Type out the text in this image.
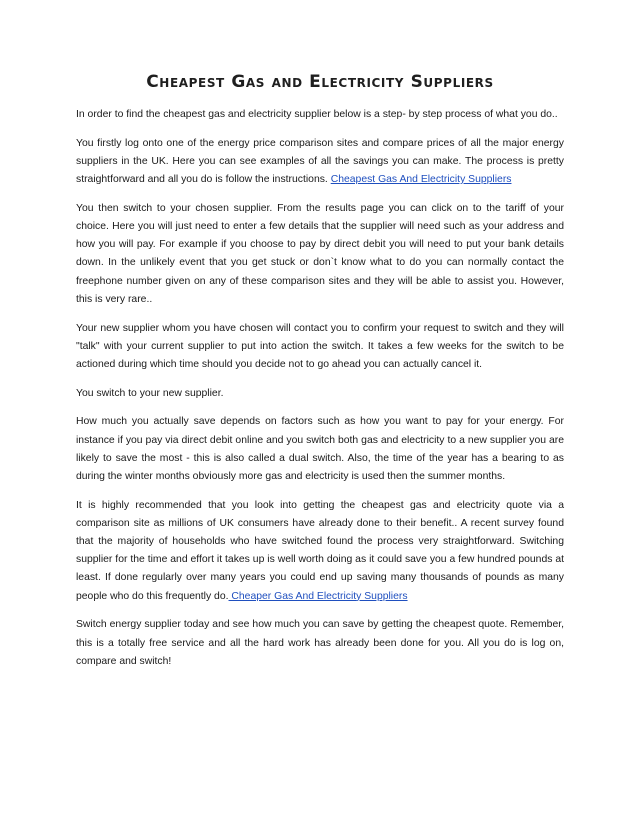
Cheapest Gas and Electricity Suppliers

In order to find the cheapest gas and electricity supplier below is a step- by step process of what you do..

You firstly log onto one of the energy price comparison sites and compare prices of all the major energy suppliers in the UK. Here you can see examples of all the savings you can make. The process is pretty straightforward and all you do is follow the instructions. Cheapest Gas And Electricity Suppliers

You then switch to your chosen supplier. From the results page you can click on to the tariff of your choice. Here you will just need to enter a few details that the supplier will need such as your address and how you will pay. For example if you choose to pay by direct debit you will need to put your bank details down. In the unlikely event that you get stuck or don`t know what to do you can normally contact the freephone number given on any of these comparison sites and they will be able to assist you. However, this is very rare..

Your new supplier whom you have chosen will contact you to confirm your request to switch and they will "talk" with your current supplier to put into action the switch. It takes a few weeks for the switch to be actioned during which time should you decide not to go ahead you can actually cancel it.

You switch to your new supplier.

How much you actually save depends on factors such as how you want to pay for your energy. For instance if you pay via direct debit online and you switch both gas and electricity to a new supplier you are likely to save the most - this is also called a dual switch. Also, the time of the year has a bearing to as during the winter months obviously more gas and electricity is used then the summer months.

It is highly recommended that you look into getting the cheapest gas and electricity quote via a comparison site as millions of UK consumers have already done to their benefit.. A recent survey found that the majority of households who have switched found the process very straightforward. Switching supplier for the time and effort it takes up is well worth doing as it could save you a few hundred pounds at least. If done regularly over many years you could end up saving many thousands of pounds as many people who do this frequently do. Cheaper Gas And Electricity Suppliers

Switch energy supplier today and see how much you can save by getting the cheapest quote. Remember, this is a totally free service and all the hard work has already been done for you. All you do is log on, compare and switch!
